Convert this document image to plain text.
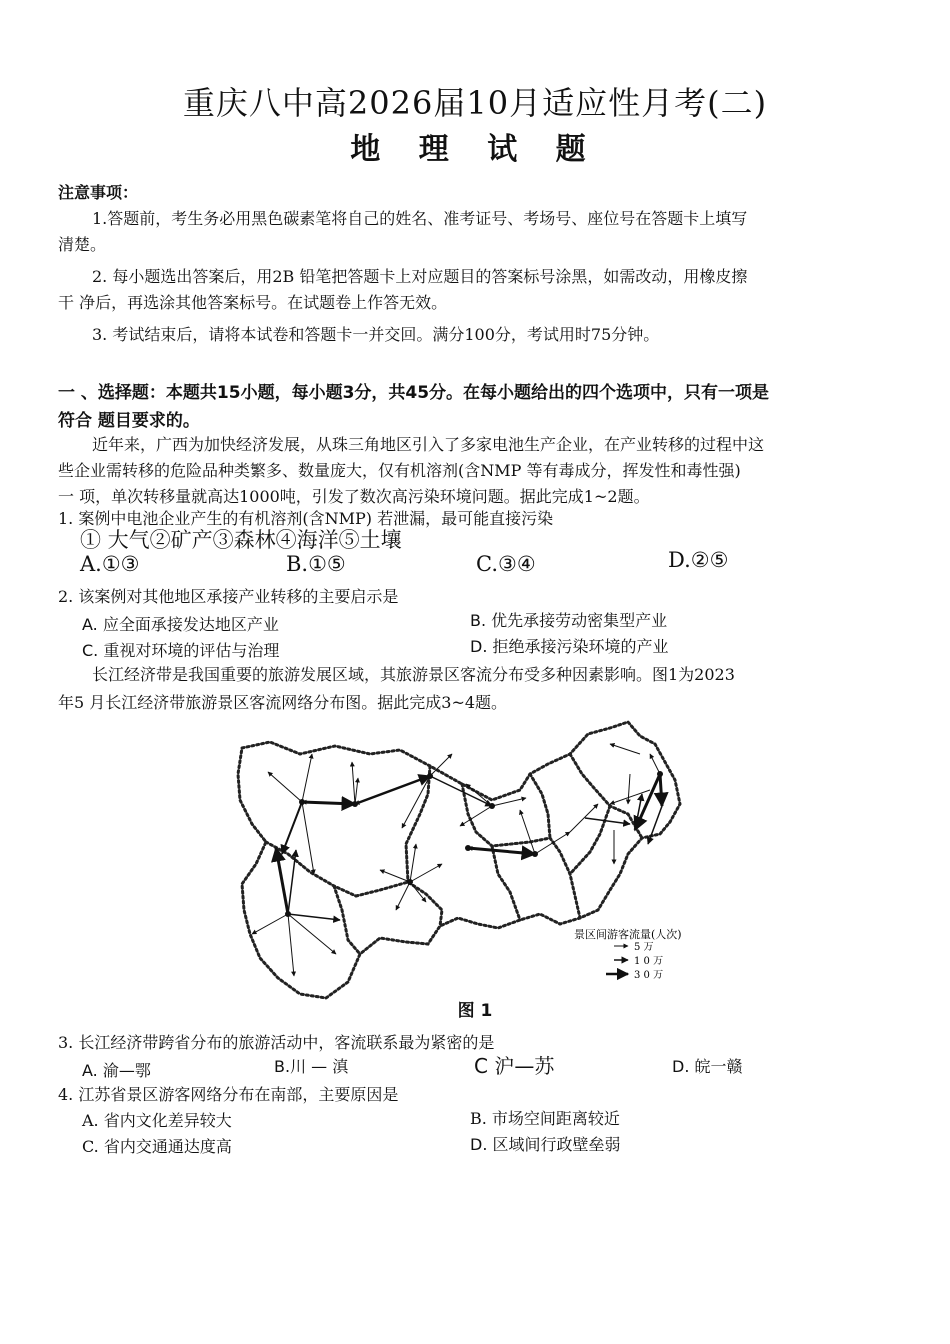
重庆八中高2026届10月适应性月考(二)
地 理 试 题
注意事项：
1.答题前，考生务必用黑色碳素笔将自己的姓名、准考证号、考场号、座位号在答题卡上填写
清楚。
2. 每小题选出答案后，用2B 铅笔把答题卡上对应题目的答案标号涂黑，如需改动，用橡皮擦
干 净后，再选涂其他答案标号。在试题卷上作答无效。
3. 考试结束后，请将本试卷和答题卡一并交回。满分100分，考试用时75分钟。
一 、选择题：本题共15小题，每小题3分，共45分。在每小题给出的四个选项中，只有一项是
符合 题目要求的。
近年来，广西为加快经济发展，从珠三角地区引入了多家电池生产企业，在产业转移的过程中这
些企业需转移的危险品种类繁多、数量庞大，仅有机溶剂(含NMP 等有毒成分，挥发性和毒性强)
一 项，单次转移量就高达1000吨，引发了数次高污染环境问题。据此完成1~2题。
1. 案例中电池企业产生的有机溶剂(含NMP) 若泄漏，最可能直接污染
① 大气②矿产③森林④海洋⑤土壤
A.①③	B.①⑤	C.③④	D.②⑤
2. 该案例对其他地区承接产业转移的主要启示是
A. 应全面承接发达地区产业	B. 优先承接劳动密集型产业
C. 重视对环境的评估与治理	D. 拒绝承接污染环境的产业
长江经济带是我国重要的旅游发展区域，其旅游景区客流分布受多种因素影响。图1为2023
年5 月长江经济带旅游景区客流网络分布图。据此完成3~4题。
景区间游客流量(人次)
5 万
1 0 万
3 0 万
图 1
3. 长江经济带跨省分布的旅游活动中，客流联系最为紧密的是
A. 渝—鄂	B.川 — 滇	C 沪—苏	D. 皖一赣
4. 江苏省景区游客网络分布在南部，主要原因是
A. 省内文化差异较大	B. 市场空间距离较近
C. 省内交通通达度高	D. 区域间行政壁垒弱
